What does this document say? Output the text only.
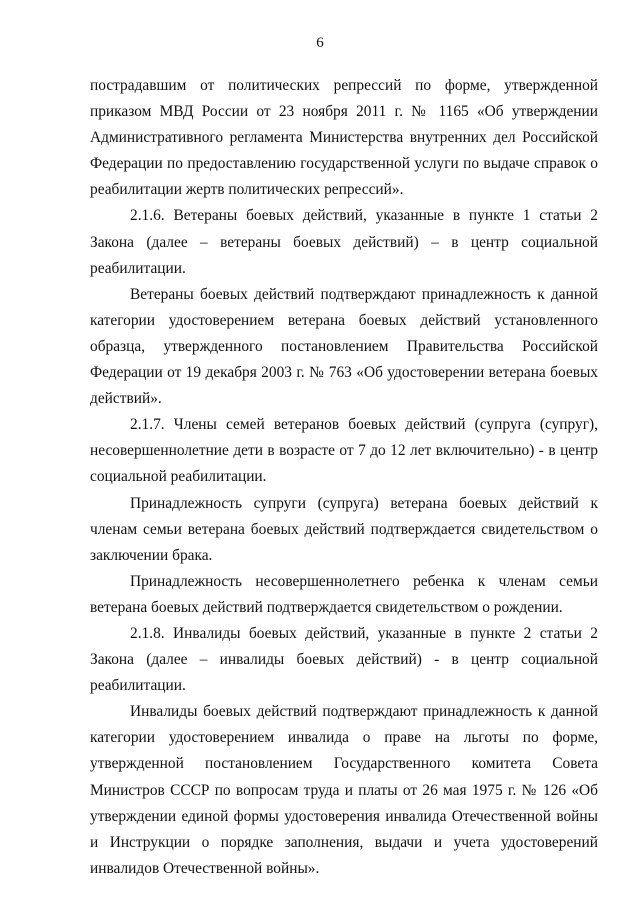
6

пострадавшим от политических репрессий по форме, утвержденной приказом МВД России от 23 ноября 2011 г. № 1165 «Об утверждении Административного регламента Министерства внутренних дел Российской Федерации по предоставлению государственной услуги по выдаче справок о реабилитации жертв политических репрессий».

2.1.6. Ветераны боевых действий, указанные в пункте 1 статьи 2 Закона (далее – ветераны боевых действий) – в центр социальной реабилитации.

Ветераны боевых действий подтверждают принадлежность к данной категории удостоверением ветерана боевых действий установленного образца, утвержденного постановлением Правительства Российской Федерации от 19 декабря 2003 г. № 763 «Об удостоверении ветерана боевых действий».

2.1.7. Члены семей ветеранов боевых действий (супруга (супруг), несовершеннолетние дети в возрасте от 7 до 12 лет включительно) - в центр социальной реабилитации.

Принадлежность супруги (супруга) ветерана боевых действий к членам семьи ветерана боевых действий подтверждается свидетельством о заключении брака.

Принадлежность несовершеннолетнего ребенка к членам семьи ветерана боевых действий подтверждается свидетельством о рождении.

2.1.8. Инвалиды боевых действий, указанные в пункте 2 статьи 2 Закона (далее – инвалиды боевых действий) - в центр социальной реабилитации.

Инвалиды боевых действий подтверждают принадлежность к данной категории удостоверением инвалида о праве на льготы по форме, утвержденной постановлением Государственного комитета Совета Министров СССР по вопросам труда и платы от 26 мая 1975 г. № 126 «Об утверждении единой формы удостоверения инвалида Отечественной войны и Инструкции о порядке заполнения, выдачи и учета удостоверений инвалидов Отечественной войны».
